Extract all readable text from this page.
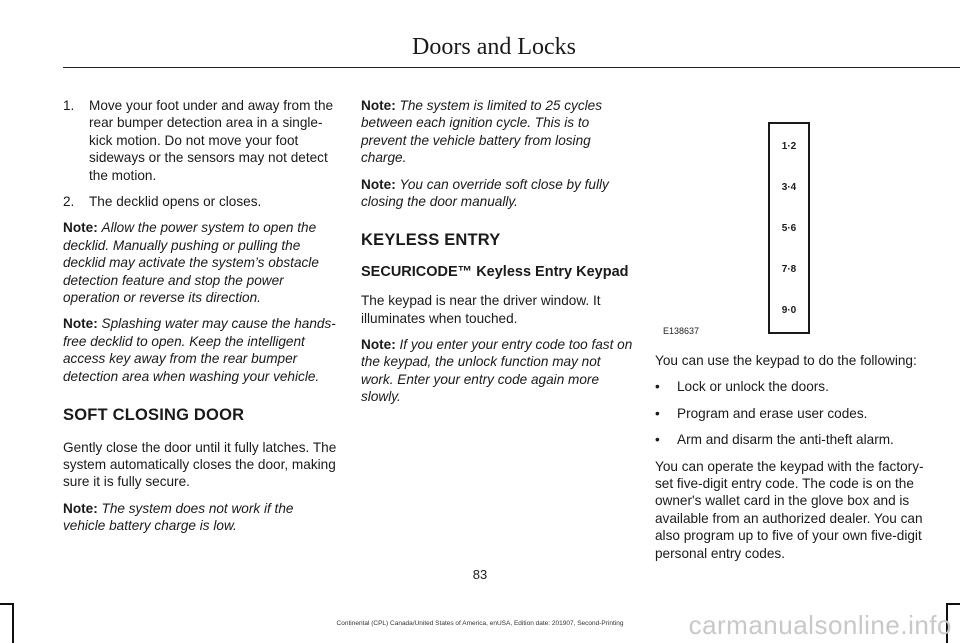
Doors and Locks
1.	Move your foot under and away from the rear bumper detection area in a single-kick motion. Do not move your foot sideways or the sensors may not detect the motion.
2.	The decklid opens or closes.

Note: Allow the power system to open the decklid. Manually pushing or pulling the decklid may activate the system’s obstacle detection feature and stop the power operation or reverse its direction.

Note: Splashing water may cause the hands-free decklid to open. Keep the intelligent access key away from the rear bumper detection area when washing your vehicle.

SOFT CLOSING DOOR

Gently close the door until it fully latches. The system automatically closes the door, making sure it is fully secure.

Note: The system does not work if the vehicle battery charge is low.

Note: The system is limited to 25 cycles between each ignition cycle. This is to prevent the vehicle battery from losing charge.

Note: You can override soft close by fully closing the door manually.

KEYLESS ENTRY
SECURICODE™ Keyless Entry Keypad

The keypad is near the driver window. It illuminates when touched.

Note: If you enter your entry code too fast on the keypad, the unlock function may not work. Enter your entry code again more slowly.

1·2
3·4
5·6
7·8
9·0
E138637

You can use the keypad to do the following:

•	Lock or unlock the doors.
•	Program and erase user codes.
•	Arm and disarm the anti-theft alarm.

You can operate the keypad with the factory-set five-digit entry code. The code is on the owner's wallet card in the glove box and is available from an authorized dealer. You can also program up to five of your own five-digit personal entry codes.

83
Continental (CPL) Canada/United States of America, enUSA, Edition date: 201907, Second-Printing	carmanualsonline.info
